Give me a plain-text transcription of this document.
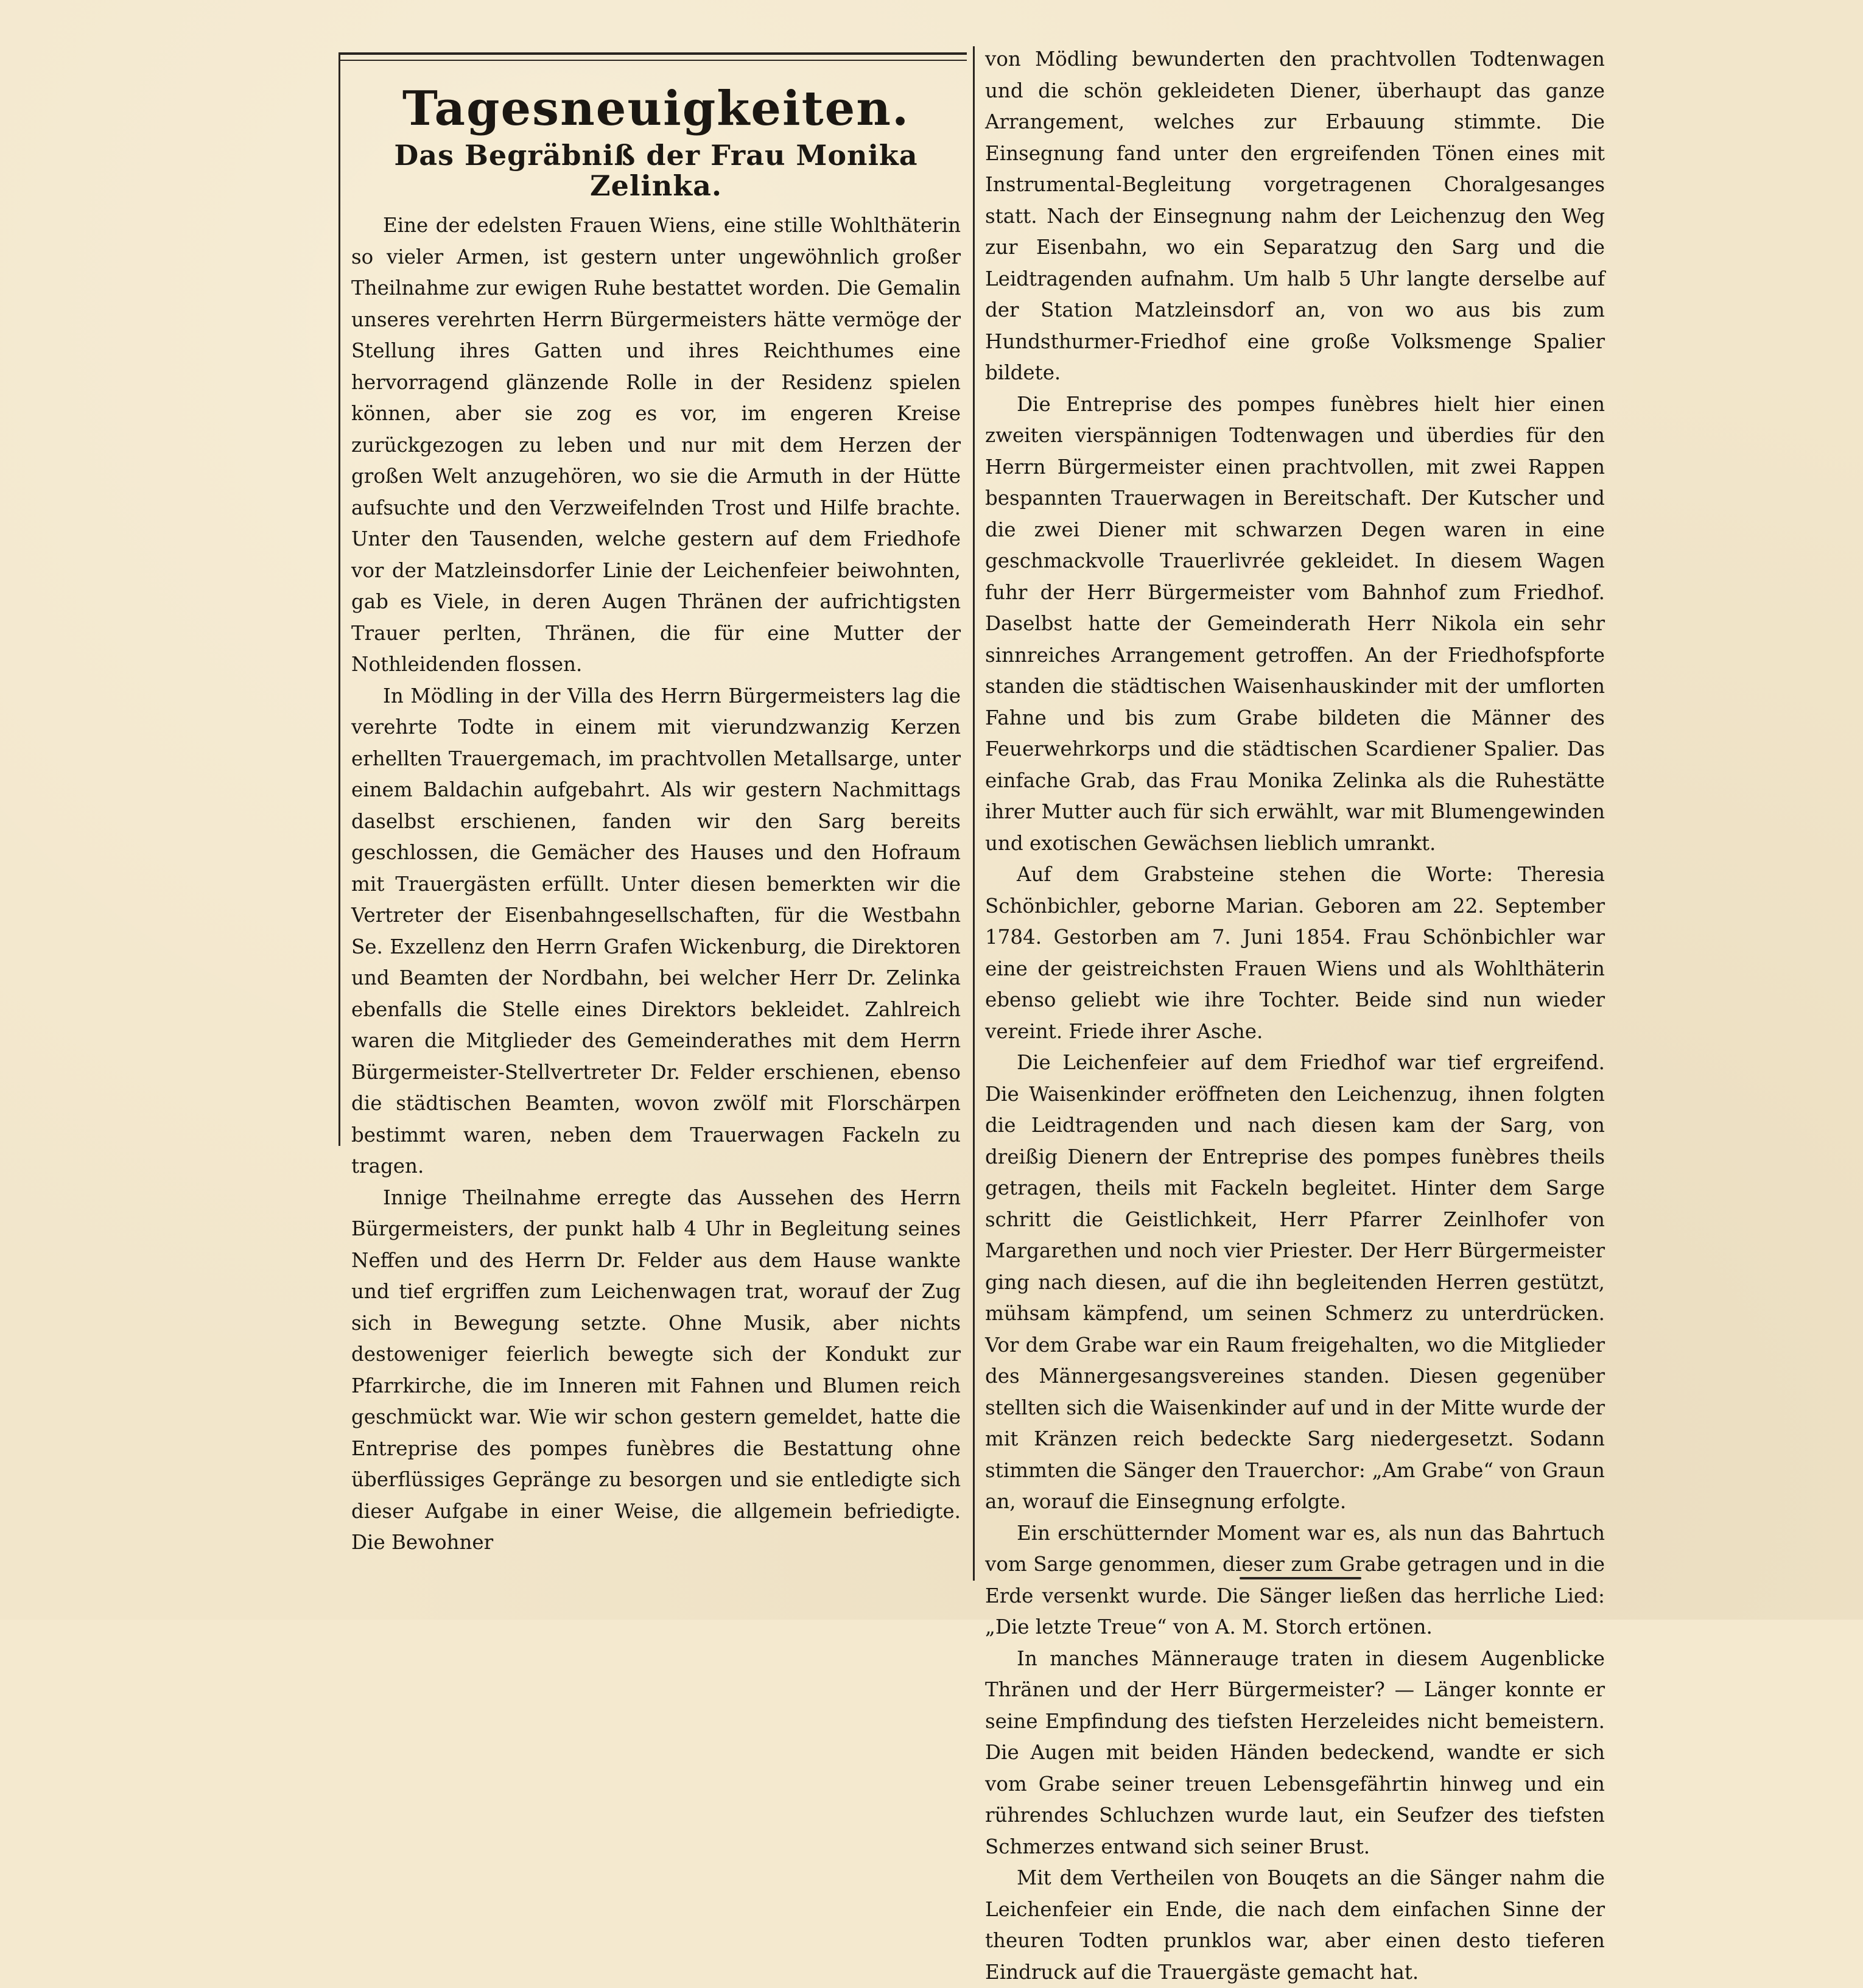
Tagesneuigkeiten.
Das Begräbniß der Frau Monika Zelinka.

Eine der edelsten Frauen Wiens, eine stille Wohlthäterin so vieler Armen, ist gestern unter ungewöhnlich großer Theilnahme zur ewigen Ruhe bestattet worden. Die Gemalin unseres verehrten Herrn Bürgermeisters hätte vermöge der Stellung ihres Gatten und ihres Reichthumes eine hervorragend glänzende Rolle in der Residenz spielen können, aber sie zog es vor, im engeren Kreise zurückgezogen zu leben und nur mit dem Herzen der großen Welt anzugehören, wo sie die Armuth in der Hütte aufsuchte und den Verzweifelnden Trost und Hilfe brachte. Unter den Tausenden, welche gestern auf dem Friedhofe vor der Matzleinsdorfer Linie der Leichenfeier beiwohnten, gab es Viele, in deren Augen Thränen der aufrichtigsten Trauer perlten, Thränen, die für eine Mutter der Nothleidenden flossen.

In Mödling in der Villa des Herrn Bürgermeisters lag die verehrte Todte in einem mit vierundzwanzig Kerzen erhellten Trauergemach, im prachtvollen Metallsarge, unter einem Baldachin aufgebahrt. Als wir gestern Nachmittags daselbst erschienen, fanden wir den Sarg bereits geschlossen, die Gemächer des Hauses und den Hofraum mit Trauergästen erfüllt. Unter diesen bemerkten wir die Vertreter der Eisenbahngesellschaften, für die Westbahn Se. Exzellenz den Herrn Grafen Wickenburg, die Direktoren und Beamten der Nordbahn, bei welcher Herr Dr. Zelinka ebenfalls die Stelle eines Direktors bekleidet. Zahlreich waren die Mitglieder des Gemeinderathes mit dem Herrn Bürgermeister-Stellvertreter Dr. Felder erschienen, ebenso die städtischen Beamten, wovon zwölf mit Florschärpen bestimmt waren, neben dem Trauerwagen Fackeln zu tragen.

Innige Theilnahme erregte das Aussehen des Herrn Bürgermeisters, der punkt halb 4 Uhr in Begleitung seines Neffen und des Herrn Dr. Felder aus dem Hause wankte und tief ergriffen zum Leichenwagen trat, worauf der Zug sich in Bewegung setzte. Ohne Musik, aber nichts destoweniger feierlich bewegte sich der Kondukt zur Pfarrkirche, die im Inneren mit Fahnen und Blumen reich geschmückt war. Wie wir schon gestern gemeldet, hatte die Entreprise des pompes funèbres die Bestattung ohne überflüssiges Gepränge zu besorgen und sie entledigte sich dieser Aufgabe in einer Weise, die allgemein befriedigte. Die Bewohner

von Mödling bewunderten den prachtvollen Todtenwagen und die schön gekleideten Diener, überhaupt das ganze Arrangement, welches zur Erbauung stimmte. Die Einsegnung fand unter den ergreifenden Tönen eines mit Instrumental-Begleitung vorgetragenen Choralgesanges statt. Nach der Einsegnung nahm der Leichenzug den Weg zur Eisenbahn, wo ein Separatzug den Sarg und die Leidtragenden aufnahm. Um halb 5 Uhr langte derselbe auf der Station Matzleinsdorf an, von wo aus bis zum Hundsthurmer-Friedhof eine große Volksmenge Spalier bildete.

Die Entreprise des pompes funèbres hielt hier einen zweiten vierspännigen Todtenwagen und überdies für den Herrn Bürgermeister einen prachtvollen, mit zwei Rappen bespannten Trauerwagen in Bereitschaft. Der Kutscher und die zwei Diener mit schwarzen Degen waren in eine geschmackvolle Trauerlivrée gekleidet. In diesem Wagen fuhr der Herr Bürgermeister vom Bahnhof zum Friedhof. Daselbst hatte der Gemeinderath Herr Nikola ein sehr sinnreiches Arrangement getroffen. An der Friedhofspforte standen die städtischen Waisenhauskinder mit der umflorten Fahne und bis zum Grabe bildeten die Männer des Feuerwehrkorps und die städtischen Scardiener Spalier. Das einfache Grab, das Frau Monika Zelinka als die Ruhestätte ihrer Mutter auch für sich erwählt, war mit Blumengewinden und exotischen Gewächsen lieblich umrankt.

Auf dem Grabsteine stehen die Worte: Theresia Schönbichler, geborne Marian. Geboren am 22. September 1784. Gestorben am 7. Juni 1854. Frau Schönbichler war eine der geistreichsten Frauen Wiens und als Wohlthäterin ebenso geliebt wie ihre Tochter. Beide sind nun wieder vereint. Friede ihrer Asche.

Die Leichenfeier auf dem Friedhof war tief ergreifend. Die Waisenkinder eröffneten den Leichenzug, ihnen folgten die Leidtragenden und nach diesen kam der Sarg, von dreißig Dienern der Entreprise des pompes funèbres theils getragen, theils mit Fackeln begleitet. Hinter dem Sarge schritt die Geistlichkeit, Herr Pfarrer Zeinlhofer von Margarethen und noch vier Priester. Der Herr Bürgermeister ging nach diesen, auf die ihn begleitenden Herren gestützt, mühsam kämpfend, um seinen Schmerz zu unterdrücken. Vor dem Grabe war ein Raum freigehalten, wo die Mitglieder des Männergesangsvereines standen. Diesen gegenüber stellten sich die Waisenkinder auf und in der Mitte wurde der mit Kränzen reich bedeckte Sarg niedergesetzt. Sodann stimmten die Sänger den Trauerchor: „Am Grabe“ von Graun an, worauf die Einsegnung erfolgte.

Ein erschütternder Moment war es, als nun das Bahrtuch vom Sarge genommen, dieser zum Grabe getragen und in die Erde versenkt wurde. Die Sänger ließen das herrliche Lied: „Die letzte Treue“ von A. M. Storch ertönen.

In manches Männerauge traten in diesem Augenblicke Thränen und der Herr Bürgermeister? — Länger konnte er seine Empfindung des tiefsten Herzeleides nicht bemeistern. Die Augen mit beiden Händen bedeckend, wandte er sich vom Grabe seiner treuen Lebensgefährtin hinweg und ein rührendes Schluchzen wurde laut, ein Seufzer des tiefsten Schmerzes entwand sich seiner Brust.

Mit dem Vertheilen von Bouqets an die Sänger nahm die Leichenfeier ein Ende, die nach dem einfachen Sinne der theuren Todten prunklos war, aber einen desto tieferen Eindruck auf die Trauergäste gemacht hat.
